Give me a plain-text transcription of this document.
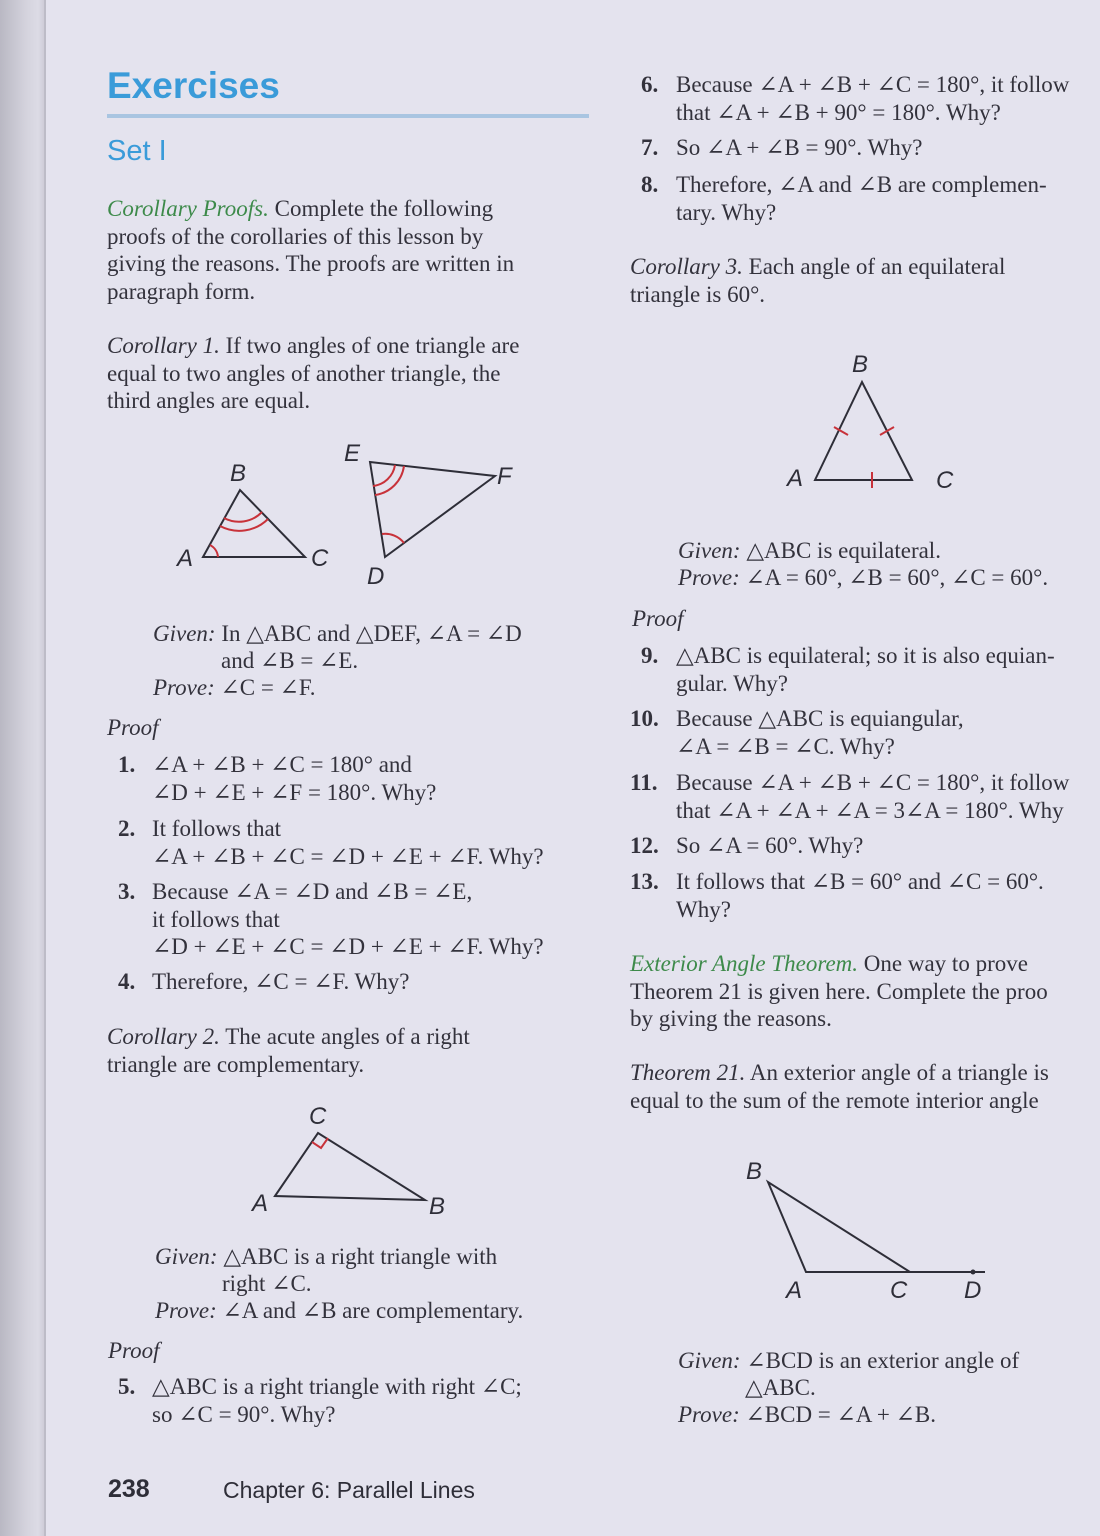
Exercises
Set I
Corollary Proofs. Complete the following
proofs of the corollaries of this lesson by
giving the reasons. The proofs are written in
paragraph form.
Corollary 1. If two angles of one triangle are
equal to two angles of another triangle, the
third angles are equal.
A
B
C
D
E
F
Given: In △ABC and △DEF, ∠A = ∠D
and ∠B = ∠E.
Prove: ∠C = ∠F.
Proof
1. ∠A + ∠B + ∠C = 180° and
∠D + ∠E + ∠F = 180°. Why?
2. It follows that
∠A + ∠B + ∠C = ∠D + ∠E + ∠F. Why?
3. Because ∠A = ∠D and ∠B = ∠E,
it follows that
∠D + ∠E + ∠C = ∠D + ∠E + ∠F. Why?
4. Therefore, ∠C = ∠F. Why?
Corollary 2. The acute angles of a right
triangle are complementary.
A
C
B
Given: △ABC is a right triangle with
right ∠C.
Prove: ∠A and ∠B are complementary.
Proof
5. △ABC is a right triangle with right ∠C;
so ∠C = 90°. Why?
238	Chapter 6: Parallel Lines
6. Because ∠A + ∠B + ∠C = 180°, it follow
that ∠A + ∠B + 90° = 180°. Why?
7. So ∠A + ∠B = 90°. Why?
8. Therefore, ∠A and ∠B are complemen-
tary. Why?
Corollary 3. Each angle of an equilateral
triangle is 60°.
A
B
C
Given: △ABC is equilateral.
Prove: ∠A = 60°, ∠B = 60°, ∠C = 60°.
Proof
9. △ABC is equilateral; so it is also equian-
gular. Why?
10. Because △ABC is equiangular,
∠A = ∠B = ∠C. Why?
11. Because ∠A + ∠B + ∠C = 180°, it follow
that ∠A + ∠A + ∠A = 3∠A = 180°. Why
12. So ∠A = 60°. Why?
13. It follows that ∠B = 60° and ∠C = 60°.
Why?
Exterior Angle Theorem. One way to prove
Theorem 21 is given here. Complete the proo
by giving the reasons.
Theorem 21. An exterior angle of a triangle is
equal to the sum of the remote interior angle
B
A	C D
Given: ∠BCD is an exterior angle of
△ABC.
Prove: ∠BCD = ∠A + ∠B.
